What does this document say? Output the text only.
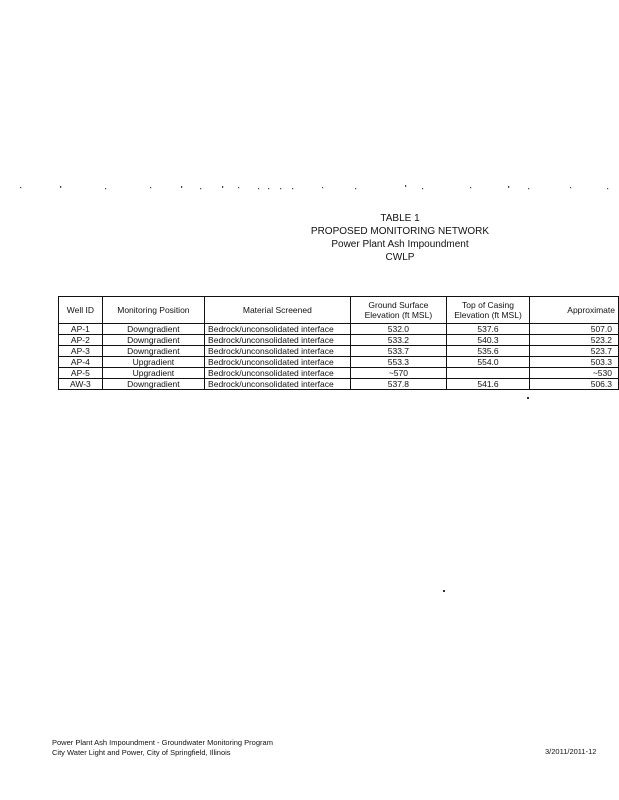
TABLE 1
PROPOSED MONITORING NETWORK
Power Plant Ash Impoundment
CWLP
Well ID	Monitoring Position	Material Screened	Ground Surface Elevation (ft MSL)	Top of Casing Elevation (ft MSL)	Approximate
AP-1	Downgradient	Bedrock/unconsolidated interface	532.0	537.6	507.0
AP-2	Downgradient	Bedrock/unconsolidated interface	533.2	540.3	523.2
AP-3	Downgradient	Bedrock/unconsolidated interface	533.7	535.6	523.7
AP-4	Upgradient	Bedrock/unconsolidated interface	553.3	554.0	503.3
AP-5	Upgradient	Bedrock/unconsolidated interface	~570		~530
AW-3	Downgradient	Bedrock/unconsolidated interface	537.8	541.6	506.3
Power Plant Ash Impoundment - Groundwater Monitoring Program
City Water Light and Power, City of Springfield, Illinois	3/2011/2011-12
